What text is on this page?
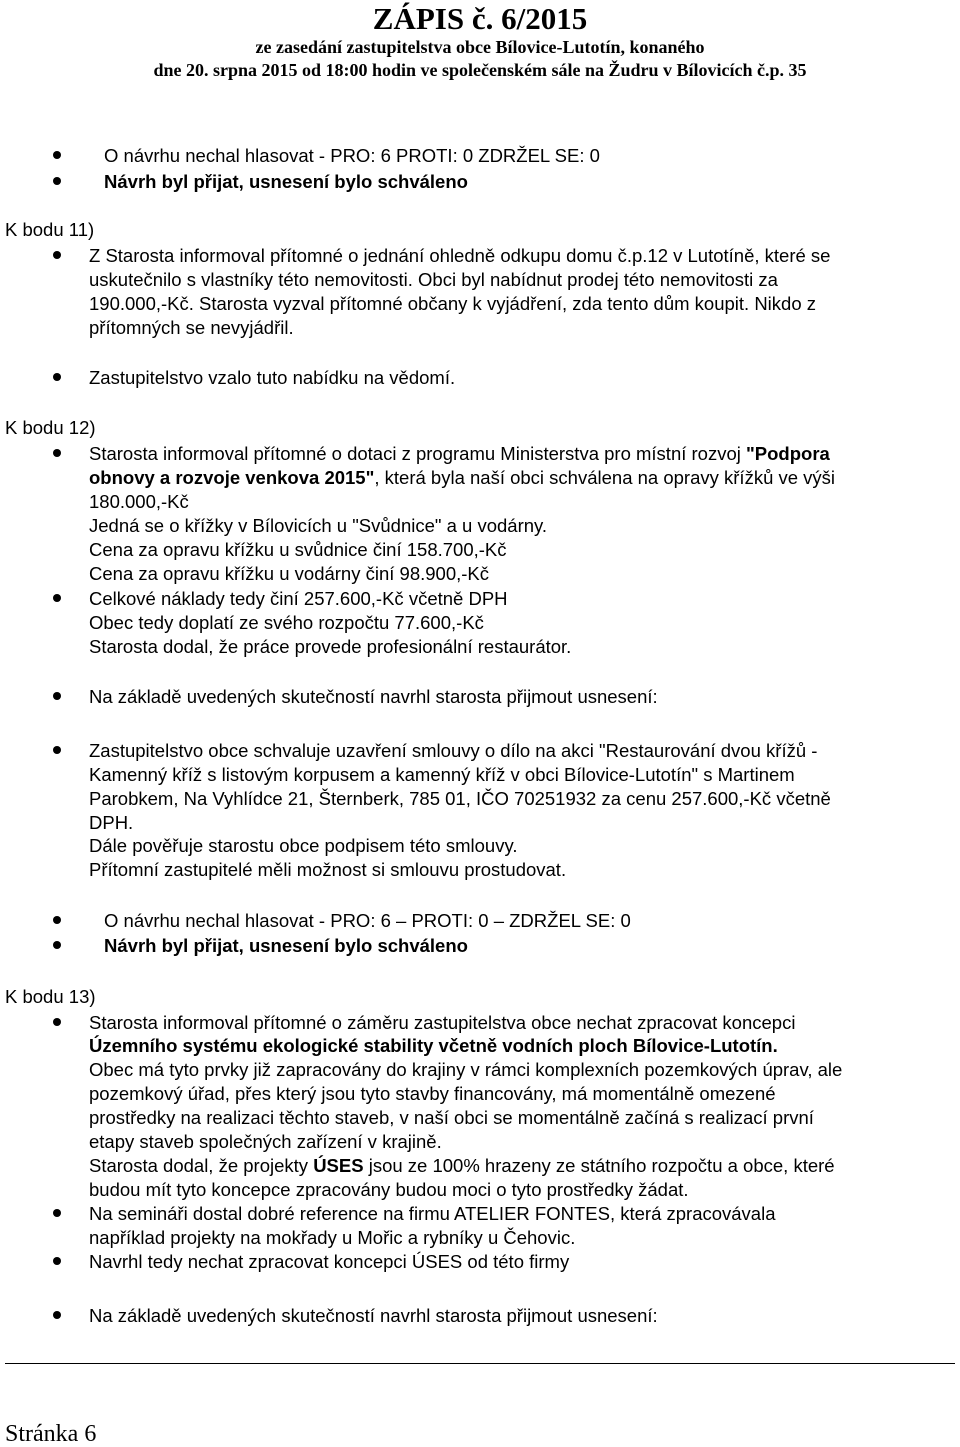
ZÁPIS č. 6/2015
ze zasedání zastupitelstva obce Bílovice-Lutotín, konaného
dne 20. srpna 2015 od 18:00 hodin ve společenském sále na Žudru v Bílovicích č.p. 35
O návrhu nechal hlasovat - PRO: 6 PROTI: 0 ZDRŽEL SE: 0
Návrh byl přijat, usnesení bylo schváleno
K bodu 11)
Z Starosta informoval přítomné o jednání ohledně odkupu domu č.p.12 v Lutotíně, které se
uskutečnilo s vlastníky této nemovitosti. Obci byl nabídnut prodej této nemovitosti za
190.000,-Kč. Starosta vyzval přítomné občany k vyjádření, zda tento dům koupit. Nikdo z
přítomných se nevyjádřil.
Zastupitelstvo vzalo tuto nabídku na vědomí.
K bodu 12)
Starosta informoval přítomné o dotaci z programu Ministerstva pro místní rozvoj "Podpora
obnovy a rozvoje venkova 2015", která byla naší obci schválena na opravy křížků ve výši
180.000,-Kč
Jedná se o křížky v Bílovicích u "Svůdnice" a u vodárny.
Cena za opravu křížku u svůdnice činí 158.700,-Kč
Cena za opravu křížku u vodárny činí 98.900,-Kč
Celkové náklady tedy činí 257.600,-Kč včetně DPH
Obec tedy doplatí ze svého rozpočtu 77.600,-Kč
Starosta dodal, že práce provede profesionální restaurátor.
Na základě uvedených skutečností navrhl starosta přijmout usnesení:
Zastupitelstvo obce schvaluje uzavření smlouvy o dílo na akci "Restaurování dvou křížů -
Kamenný kříž s listovým korpusem a kamenný kříž v obci Bílovice-Lutotín" s Martinem
Parobkem, Na Vyhlídce 21, Šternberk, 785 01, IČO 70251932 za cenu 257.600,-Kč včetně
DPH.
Dále pověřuje starostu obce podpisem této smlouvy.
Přítomní zastupitelé měli možnost si smlouvu prostudovat.
O návrhu nechal hlasovat - PRO: 6 – PROTI: 0 – ZDRŽEL SE: 0
Návrh byl přijat, usnesení bylo schváleno
K bodu 13)
Starosta informoval přítomné o záměru zastupitelstva obce nechat zpracovat koncepci
Územního systému ekologické stability včetně vodních ploch Bílovice-Lutotín.
Obec má tyto prvky již zapracovány do krajiny v rámci komplexních pozemkových úprav, ale
pozemkový úřad, přes který jsou tyto stavby financovány, má momentálně omezené
prostředky na realizaci těchto staveb, v naší obci se momentálně začíná s realizací první
etapy staveb společných zařízení v krajině.
Starosta dodal, že projekty ÚSES jsou ze 100% hrazeny ze státního rozpočtu a obce, které
budou mít tyto koncepce zpracovány budou moci o tyto prostředky žádat.
Na semináři dostal dobré reference na firmu ATELIER FONTES, která zpracovávala
například projekty na mokřady u Mořic a rybníky u Čehovic.
Navrhl tedy nechat zpracovat koncepci ÚSES od této firmy
Na základě uvedených skutečností navrhl starosta přijmout usnesení:
Stránka 6
